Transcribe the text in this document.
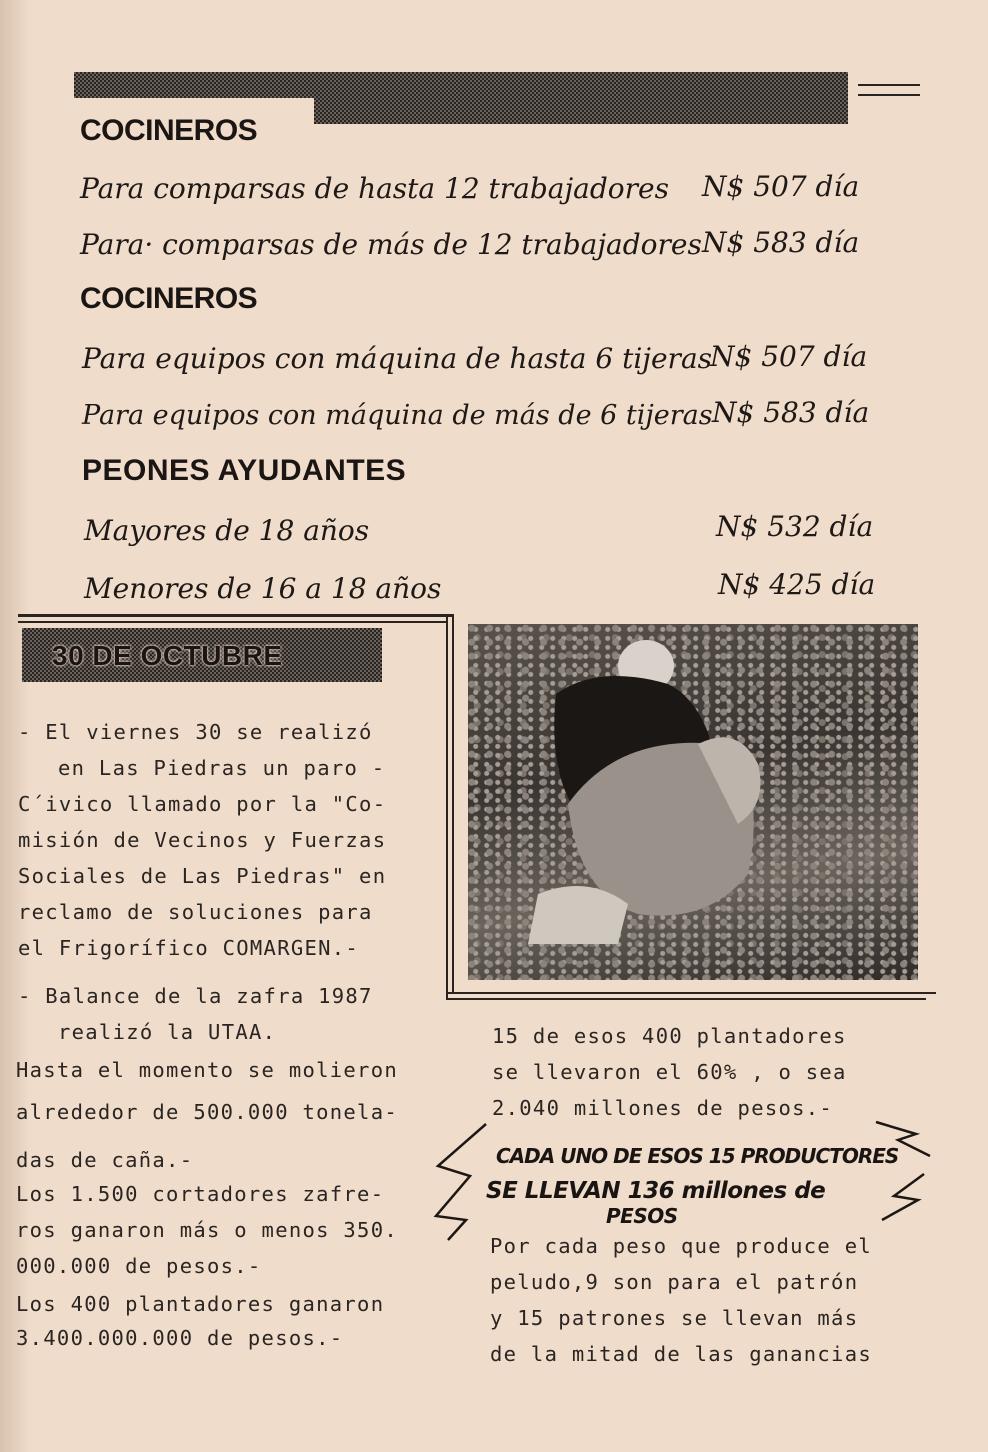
COCINEROS
Para comparsas de hasta 12 trabajadores N$ 507 día
Para· comparsas de más de 12 trabajadores N$ 583 día
COCINEROS
Para equipos con máquina de hasta 6 tijeras
N$ 507 día
Para equipos con máquina de más de 6 tijeras N$ 583 día
PEONES AYUDANTES
Mayores de 18 años	N$ 532 día
Menores de 16 a 18 años	N$ 425 día
30 DE OCTUBRE
- El viernes 30 se realizó
en Las Piedras un paro -
C´ivico llamado por la "Co-
misión de Vecinos y Fuerzas
Sociales de Las Piedras" en
reclamo de soluciones para
el Frigorífico COMARGEN.-
- Balance de la zafra 1987
realizó la UTAA.
Hasta el momento se molieron
alrededor de 500.000 tonela-
das de caña.-
Los 1.500 cortadores zafre-
ros ganaron más o menos 350.
000.000 de pesos.-
Los 400 plantadores ganaron
3.400.000.000 de pesos.-
15 de esos 400 plantadores
se llevaron el 60% , o sea
2.040 millones de pesos.-
CADA UNO DE ESOS 15 PRODUCTORES
SE LLEVAN 136 millones de
PESOS
Por cada peso que produce el
peludo,9 son para el patrón
y 15 patrones se llevan más
de la mitad de las ganancias
